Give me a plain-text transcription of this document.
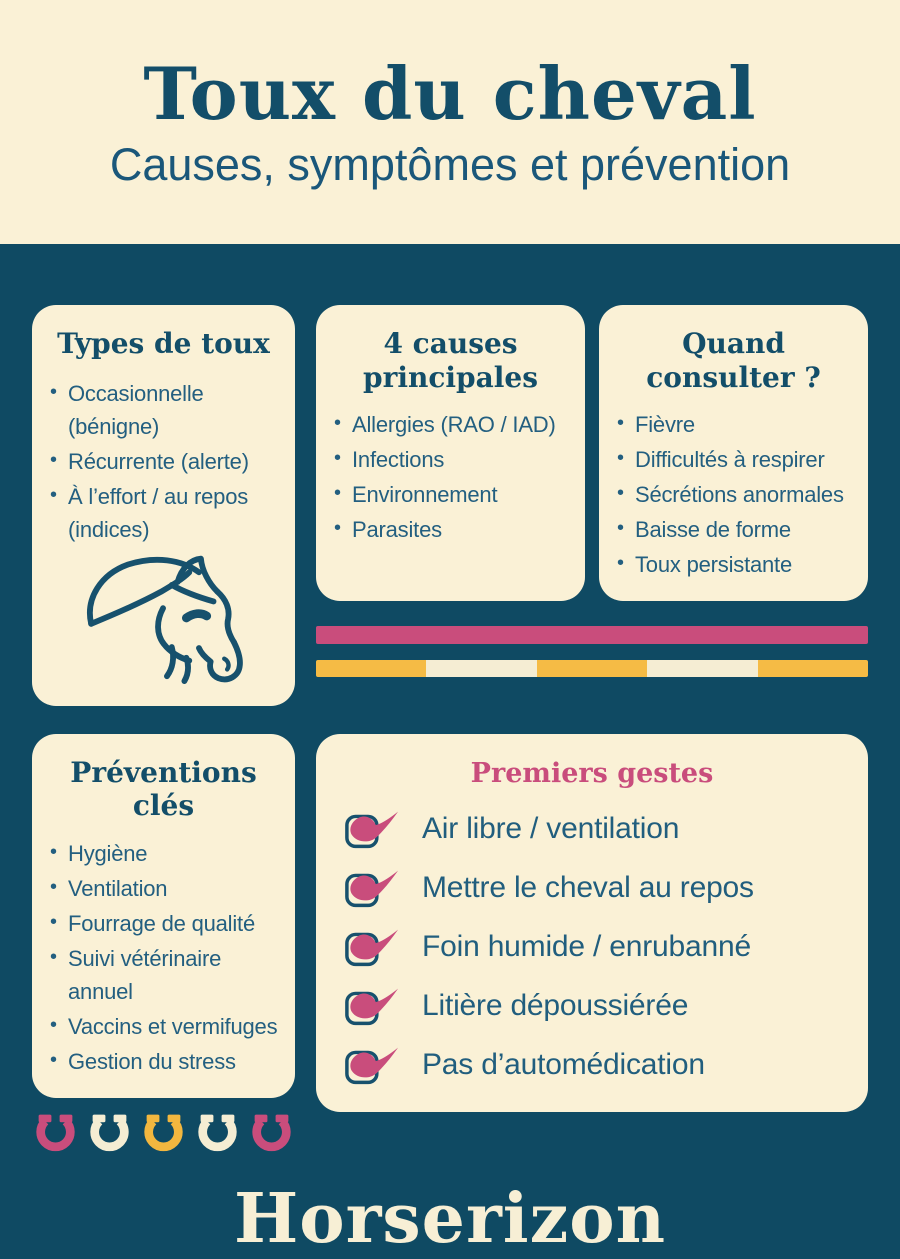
Toux du cheval
Causes, symptômes et prévention
Types de toux
• Occasionnelle (bénigne)
• Récurrente (alerte)
• À l’effort / au repos (indices)
4 causes principales
• Allergies (RAO / IAD)
• Infections
• Environnement
• Parasites
Quand consulter ?
• Fièvre
• Difficultés à respirer
• Sécrétions anormales
• Baisse de forme
• Toux persistante
Préventions clés
• Hygiène
• Ventilation
• Fourrage de qualité
• Suivi vétérinaire annuel
• Vaccins et vermifuges
• Gestion du stress
Premiers gestes
Air libre / ventilation
Mettre le cheval au repos
Foin humide / enrubanné
Litière dépoussiérée
Pas d’automédication
Horserizon
